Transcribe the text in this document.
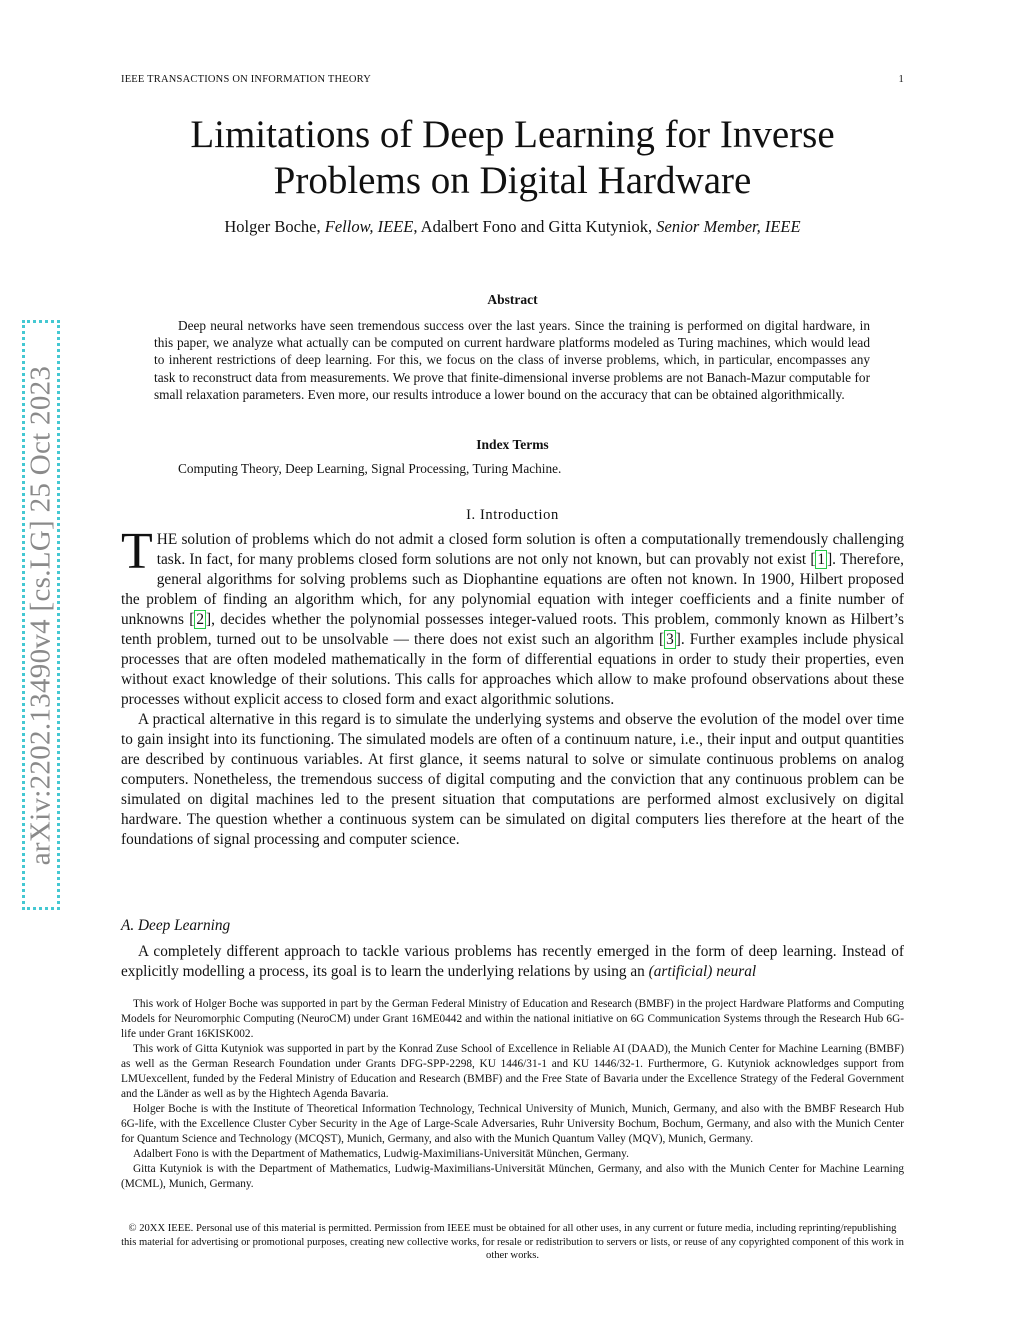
IEEE TRANSACTIONS ON INFORMATION THEORY	1
Limitations of Deep Learning for Inverse
Problems on Digital Hardware
Holger Boche, Fellow, IEEE, Adalbert Fono and Gitta Kutyniok, Senior Member, IEEE
arXiv:2202.13490v4 [cs.LG] 25 Oct 2023
Abstract

Deep neural networks have seen tremendous success over the last years. Since the training is performed on digital hardware, in this paper, we analyze what actually can be computed on current hardware platforms modeled as Turing machines, which would lead to inherent restrictions of deep learning. For this, we focus on the class of inverse problems, which, in particular, encompasses any task to reconstruct data from measurements. We prove that finite-dimensional inverse problems are not Banach-Mazur computable for small relaxation parameters. Even more, our results introduce a lower bound on the accuracy that can be obtained algorithmically.

Index Terms
Computing Theory, Deep Learning, Signal Processing, Turing Machine.
I. Introduction

THE solution of problems which do not admit a closed form solution is often a computationally tremendously challenging task. In fact, for many problems closed form solutions are not only not known, but can provably not exist [ 1 ]. Therefore, general algorithms for solving problems such as Diophantine equations are often not known. In 1900, Hilbert proposed the problem of finding an algorithm which, for any polynomial equation with integer coefficients and a finite number of unknowns [ 2 ], decides whether the polynomial possesses integer-valued roots. This problem, commonly known as Hilbert’s tenth problem, turned out to be unsolvable — there does not exist such an algorithm [ 3 ]. Further examples include physical processes that are often modeled mathematically in the form of differential equations in order to study their properties, even without exact knowledge of their solutions. This calls for approaches which allow to make profound observations about these processes without explicit access to closed form and exact algorithmic solutions.

A practical alternative in this regard is to simulate the underlying systems and observe the evolution of the model over time to gain insight into its functioning. The simulated models are often of a continuum nature, i.e., their input and output quantities are described by continuous variables. At first glance, it seems natural to solve or simulate continuous problems on analog computers. Nonetheless, the tremendous success of digital computing and the conviction that any continuous problem can be simulated on digital machines led to the present situation that computations are performed almost exclusively on digital hardware. The question whether a continuous system can be simulated on digital computers lies therefore at the heart of the foundations of signal processing and computer science.

A. Deep Learning

A completely different approach to tackle various problems has recently emerged in the form of deep learning. Instead of explicitly modelling a process, its goal is to learn the underlying relations by using an (artificial) neural

This work of Holger Boche was supported in part by the German Federal Ministry of Education and Research (BMBF) in the project Hardware Platforms and Computing Models for Neuromorphic Computing (NeuroCM) under Grant 16ME0442 and within the national initiative on 6G Communication Systems through the Research Hub 6G-life under Grant 16KISK002.

This work of Gitta Kutyniok was supported in part by the Konrad Zuse School of Excellence in Reliable AI (DAAD), the Munich Center for Machine Learning (BMBF) as well as the German Research Foundation under Grants DFG-SPP-2298, KU 1446/31-1 and KU 1446/32-1. Furthermore, G. Kutyniok acknowledges support from LMUexcellent, funded by the Federal Ministry of Education and Research (BMBF) and the Free State of Bavaria under the Excellence Strategy of the Federal Government and the Länder as well as by the Hightech Agenda Bavaria.

Holger Boche is with the Institute of Theoretical Information Technology, Technical University of Munich, Munich, Germany, and also with the BMBF Research Hub 6G-life, with the Excellence Cluster Cyber Security in the Age of Large-Scale Adversaries, Ruhr University Bochum, Bochum, Germany, and also with the Munich Center for Quantum Science and Technology (MCQST), Munich, Germany, and also with the Munich Quantum Valley (MQV), Munich, Germany.

Adalbert Fono is with the Department of Mathematics, Ludwig-Maximilians-Universität München, Germany.

Gitta Kutyniok is with the Department of Mathematics, Ludwig-Maximilians-Universität München, Germany, and also with the Munich Center for Machine Learning (MCML), Munich, Germany.

© 20XX IEEE. Personal use of this material is permitted. Permission from IEEE must be obtained for all other uses, in any current or future media, including reprinting/republishing this material for advertising or promotional purposes, creating new collective works, for resale or redistribution to servers or lists, or reuse of any copyrighted component of this work in other works.
